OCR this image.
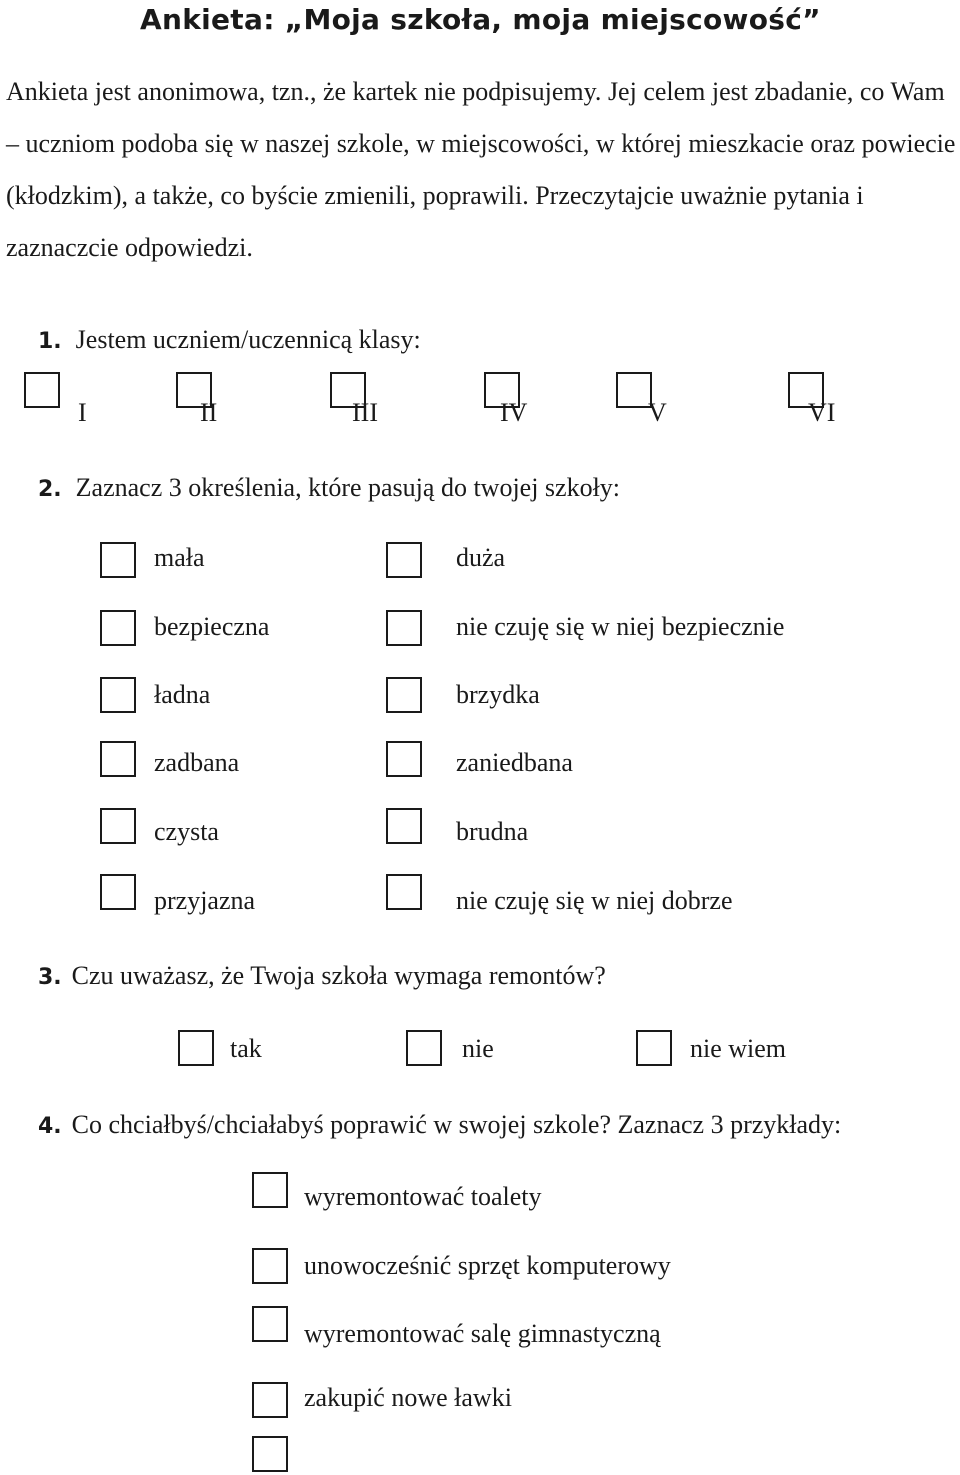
Ankieta: „Moja szkoła, moja miejscowość”
Ankieta jest anonimowa, tzn., że kartek nie podpisujemy. Jej celem jest zbadanie, co Wam – uczniom podoba się w naszej szkole, w miejscowości, w której mieszkacie oraz powiecie (kłodzkim), a także, co byście zmienili, poprawili. Przeczytajcie uważnie pytania i zaznaczcie odpowiedzi.
1. Jestem uczniem/uczennicą klasy:
I	II	III	IV	V	VI
2. Zaznacz 3 określenia, które pasują do twojej szkoły:
mała	duża
bezpieczna	nie czuję się w niej bezpiecznie
ładna	brzydka
zadbana	zaniedbana
czysta	brudna
przyjazna	nie czuję się w niej dobrze
3. Czu uważasz, że Twoja szkoła wymaga remontów?
tak	nie	nie wiem
4. Co chciałbyś/chciałabyś poprawić w swojej szkole? Zaznacz 3 przykłady:
wyremontować toalety
unowocześnić sprzęt komputerowy
wyremontować salę gimnastyczną
zakupić nowe ławki
